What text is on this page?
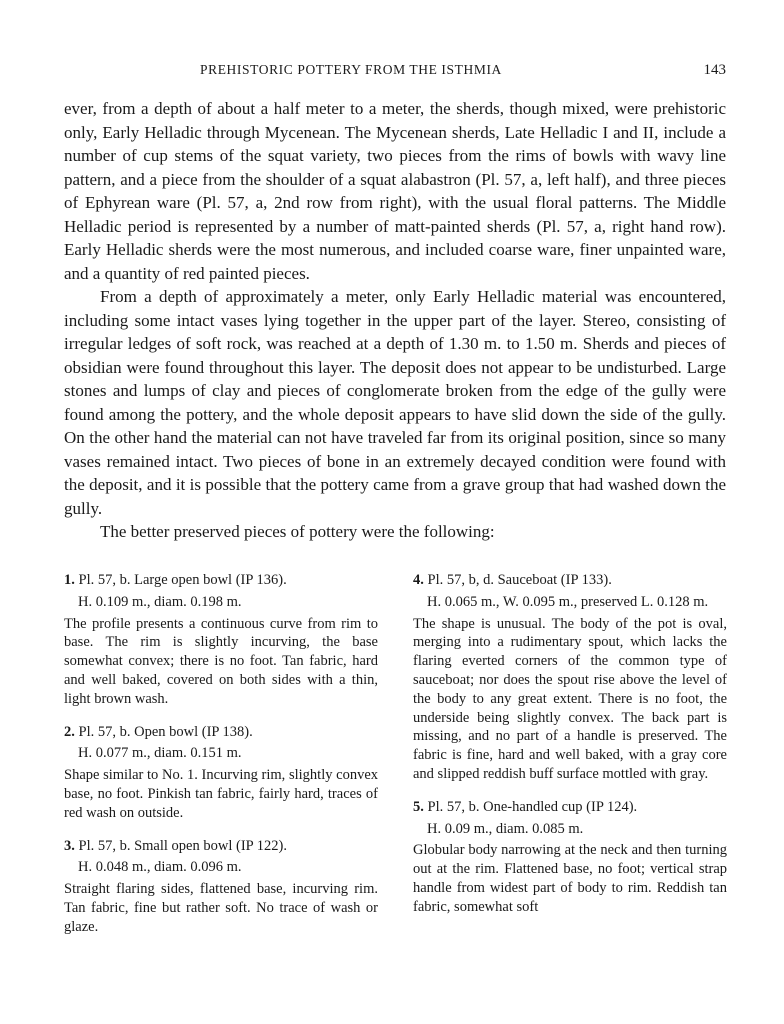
PREHISTORIC POTTERY FROM THE ISTHMIA	143

ever, from a depth of about a half meter to a meter, the sherds, though mixed, were prehistoric only, Early Helladic through Mycenean. The Mycenean sherds, Late Helladic I and II, include a number of cup stems of the squat variety, two pieces from the rims of bowls with wavy line pattern, and a piece from the shoulder of a squat alabastron (Pl. 57, a, left half), and three pieces of Ephyrean ware (Pl. 57, a, 2nd row from right), with the usual floral patterns. The Middle Helladic period is represented by a number of matt-painted sherds (Pl. 57, a, right hand row). Early Helladic sherds were the most numerous, and included coarse ware, finer unpainted ware, and a quantity of red painted pieces.

From a depth of approximately a meter, only Early Helladic material was encountered, including some intact vases lying together in the upper part of the layer. Stereo, consisting of irregular ledges of soft rock, was reached at a depth of 1.30 m. to 1.50 m. Sherds and pieces of obsidian were found throughout this layer. The deposit does not appear to be undisturbed. Large stones and lumps of clay and pieces of conglomerate broken from the edge of the gully were found among the pottery, and the whole deposit appears to have slid down the side of the gully. On the other hand the material can not have traveled far from its original position, since so many vases remained intact. Two pieces of bone in an extremely decayed condition were found with the deposit, and it is possible that the pottery came from a grave group that had washed down the gully.

The better preserved pieces of pottery were the following:

1. Pl. 57, b. Large open bowl (IP 136).

H. 0.109 m., diam. 0.198 m.

The profile presents a continuous curve from rim to base. The rim is slightly incurving, the base somewhat convex; there is no foot. Tan fabric, hard and well baked, covered on both sides with a thin, light brown wash.

2. Pl. 57, b. Open bowl (IP 138).

H. 0.077 m., diam. 0.151 m.

Shape similar to No. 1. Incurving rim, slightly convex base, no foot. Pinkish tan fabric, fairly hard, traces of red wash on outside.

3. Pl. 57, b. Small open bowl (IP 122).

H. 0.048 m., diam. 0.096 m.

Straight flaring sides, flattened base, incurving rim. Tan fabric, fine but rather soft. No trace of wash or glaze.

4. Pl. 57, b, d. Sauceboat (IP 133).

H. 0.065 m., W. 0.095 m., preserved L. 0.128 m.

The shape is unusual. The body of the pot is oval, merging into a rudimentary spout, which lacks the flaring everted corners of the common type of sauceboat; nor does the spout rise above the level of the body to any great extent. There is no foot, the underside being slightly convex. The back part is missing, and no part of a handle is preserved. The fabric is fine, hard and well baked, with a gray core and slipped reddish buff surface mottled with gray.

5. Pl. 57, b. One-handled cup (IP 124).

H. 0.09 m., diam. 0.085 m.

Globular body narrowing at the neck and then turning out at the rim. Flattened base, no foot; vertical strap handle from widest part of body to rim. Reddish tan fabric, somewhat soft
